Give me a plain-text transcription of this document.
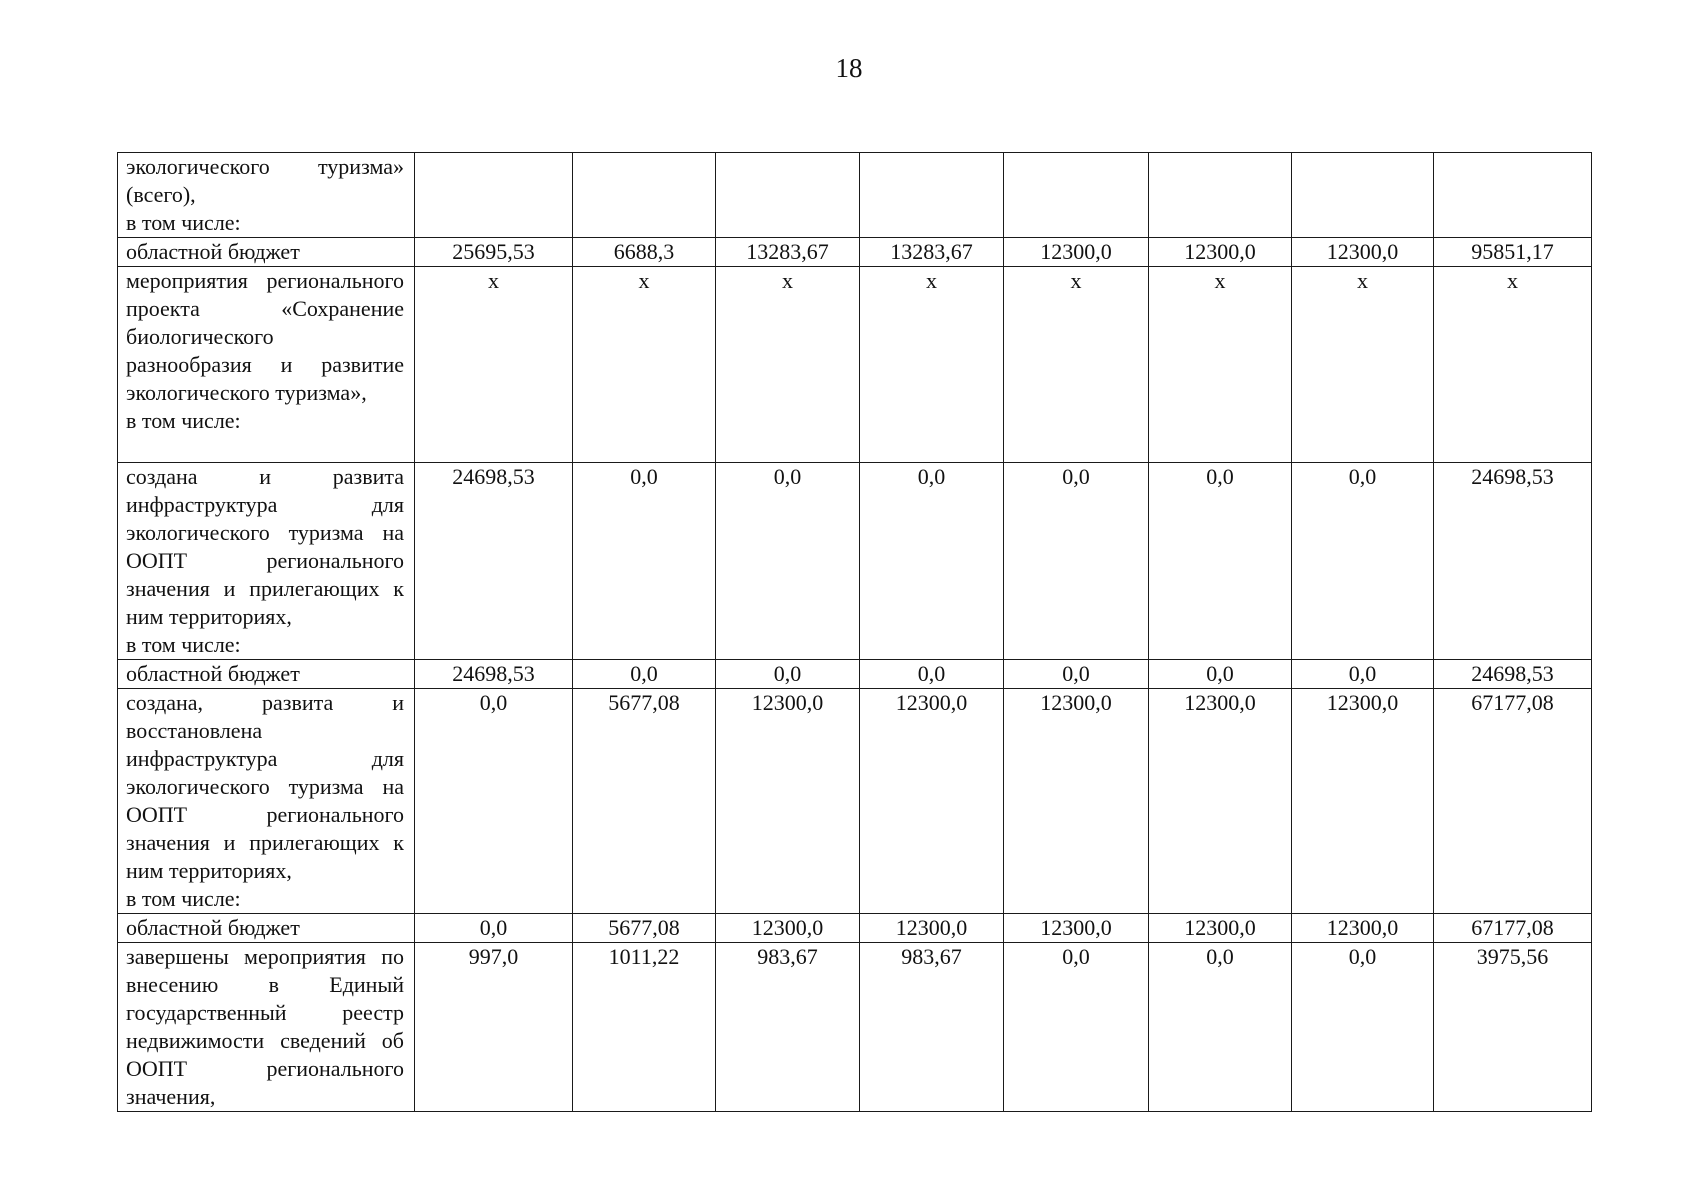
18
экологического туризма» (всего),
в том числе:								

областной бюджет	25695,53	6688,3	13283,67	13283,67	12300,0	12300,0	12300,0	95851,17

мероприятия регионального проекта «Сохранение биологического разнообразия и развитие экологического туризма»,
в том числе:	х	х	х	х	х	х	х	х

создана и развита инфраструктура для экологического туризма на ООПТ регионального значения и прилегающих к ним территориях,
в том числе:	24698,53	0,0	0,0	0,0	0,0	0,0	0,0	24698,53

областной бюджет	24698,53	0,0	0,0	0,0	0,0	0,0	0,0	24698,53

создана, развита и восстановлена инфраструктура для экологического туризма на ООПТ регионального значения и прилегающих к ним территориях,
в том числе:	0,0	5677,08	12300,0	12300,0	12300,0	12300,0	12300,0	67177,08

областной бюджет	0,0	5677,08	12300,0	12300,0	12300,0	12300,0	12300,0	67177,08

завершены мероприятия по внесению в Единый государственный реестр недвижимости сведений об ООПТ регионального значения,	997,0	1011,22	983,67	983,67	0,0	0,0	0,0	3975,56
